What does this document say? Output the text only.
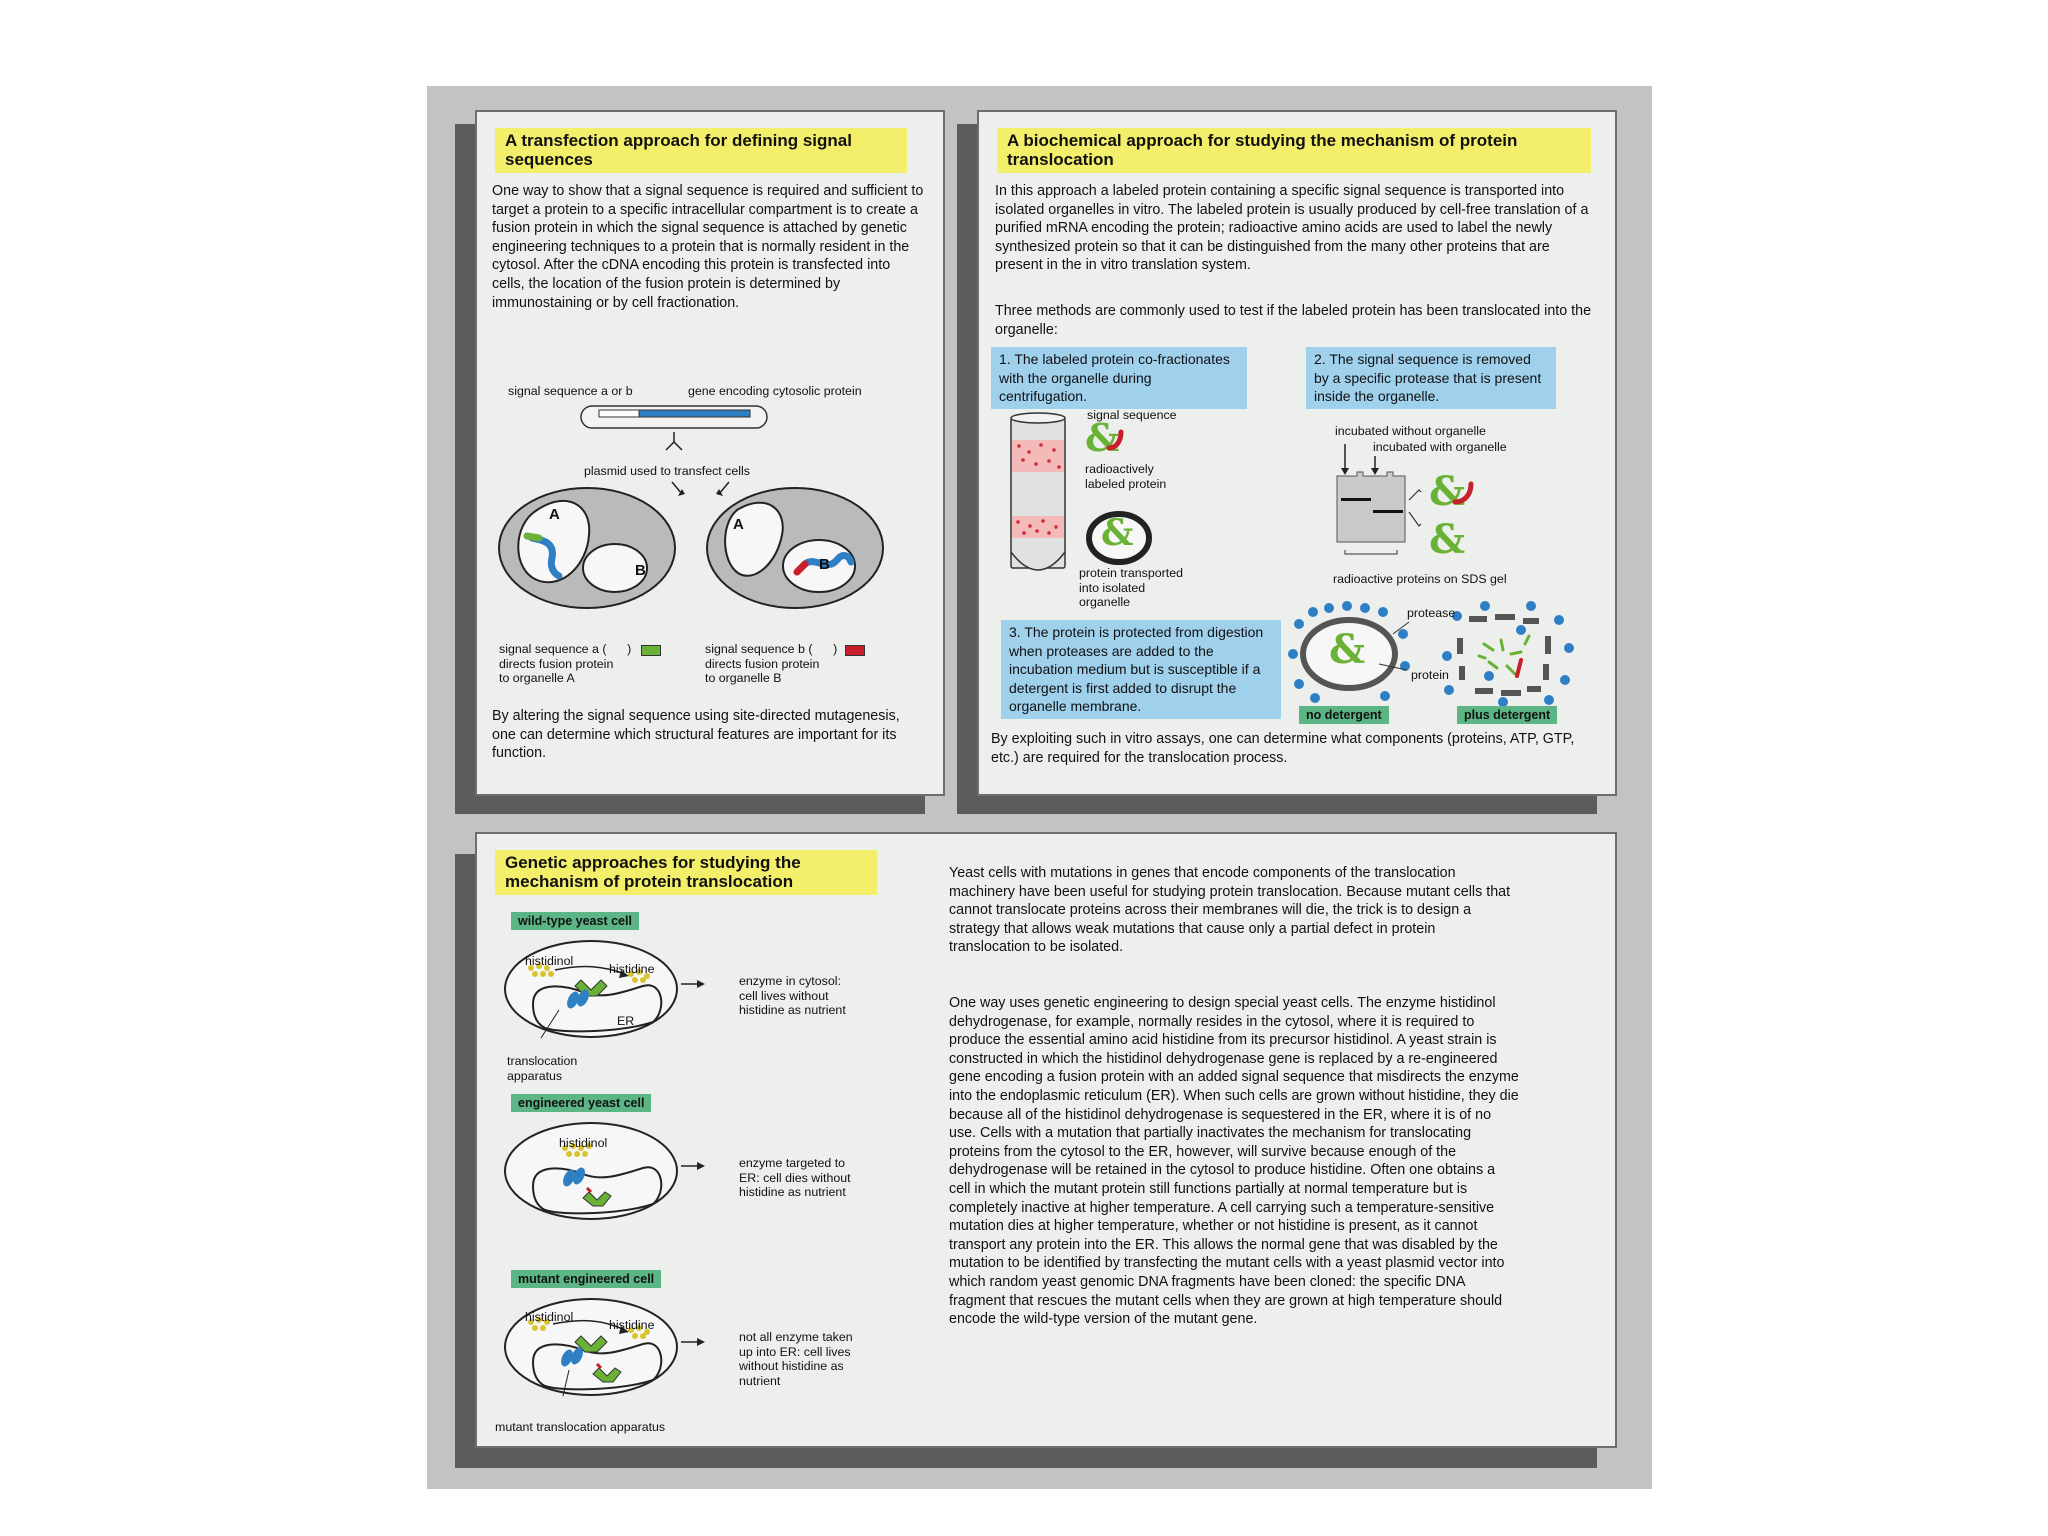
A transfection approach for defining signal sequences
One way to show that a signal sequence is required and sufficient to target a protein to a specific intracellular compartment is to create a fusion protein in which the signal sequence is attached by genetic engineering techniques to a protein that is normally resident in the cytosol. After the cDNA encoding this protein is transfected into cells, the location of the fusion protein is determined by immunostaining or by cell fractionation.
signal sequence a or b	gene encoding cytosolic protein
plasmid used to transfect cells
A
B
A
B
signal sequence a (      )
directs fusion protein
to organelle A
signal sequence b (      )
directs fusion protein
to organelle B
By altering the signal sequence using site-directed mutagenesis, one can determine which structural features are important for its function.
A biochemical approach for studying the mechanism of protein translocation
In this approach a labeled protein containing a specific signal sequence is transported into isolated organelles in vitro. The labeled protein is usually produced by cell-free translation of a purified mRNA encoding the protein; radioactive amino acids are used to label the newly synthesized protein so that it can be distinguished from the many other proteins that are present in the in vitro translation system.
Three methods are commonly used to test if the labeled protein has been translocated into the organelle:
1. The labeled protein co-fractionates with the organelle during centrifugation.
2. The signal sequence is removed by a specific protease that is present inside the organelle.
&
signal sequence
radioactively
labeled protein
&
protein transported
into isolated
organelle
incubated without organelle
incubated with organelle
&
&
radioactive proteins on SDS gel
3. The protein is protected from digestion when proteases are added to the incubation medium but is susceptible if a detergent is first added to disrupt the organelle membrane.
&
protease
protein
no detergent	plus detergent
By exploiting such in vitro assays, one can determine what components (proteins, ATP, GTP, etc.) are required for the translocation process.
Genetic approaches for studying the mechanism of protein translocation
wild-type yeast cell
histidinol
histidine
ER
translocation
apparatus
enzyme in cytosol:
cell lives without
histidine as nutrient
engineered yeast cell
histidinol
enzyme targeted to
ER: cell dies without
histidine as nutrient
mutant engineered cell
histidinol
histidine
not all enzyme taken
up into ER: cell lives
without histidine as
nutrient
mutant translocation apparatus
Yeast cells with mutations in genes that encode components of the translocation machinery have been useful for studying protein translocation. Because mutant cells that cannot translocate proteins across their membranes will die, the trick is to design a strategy that allows weak mutations that cause only a partial defect in protein translocation to be isolated.
One way uses genetic engineering to design special yeast cells. The enzyme histidinol dehydrogenase, for example, normally resides in the cytosol, where it is required to produce the essential amino acid histidine from its precursor histidinol. A yeast strain is constructed in which the histidinol dehydrogenase gene is replaced by a re-engineered gene encoding a fusion protein with an added signal sequence that misdirects the enzyme into the endoplasmic reticulum (ER). When such cells are grown without histidine, they die because all of the histidinol dehydrogenase is sequestered in the ER, where it is of no use. Cells with a mutation that partially inactivates the mechanism for translocating proteins from the cytosol to the ER, however, will survive because enough of the dehydrogenase will be retained in the cytosol to produce histidine. Often one obtains a cell in which the mutant protein still functions partially at normal temperature but is completely inactive at higher temperature. A cell carrying such a temperature-sensitive mutation dies at higher temperature, whether or not histidine is present, as it cannot transport any protein into the ER. This allows the normal gene that was disabled by the mutation to be identified by transfecting the mutant cells with a yeast plasmid vector into which random yeast genomic DNA fragments have been cloned: the specific DNA fragment that rescues the mutant cells when they are grown at high temperature should encode the wild-type version of the mutant gene.
